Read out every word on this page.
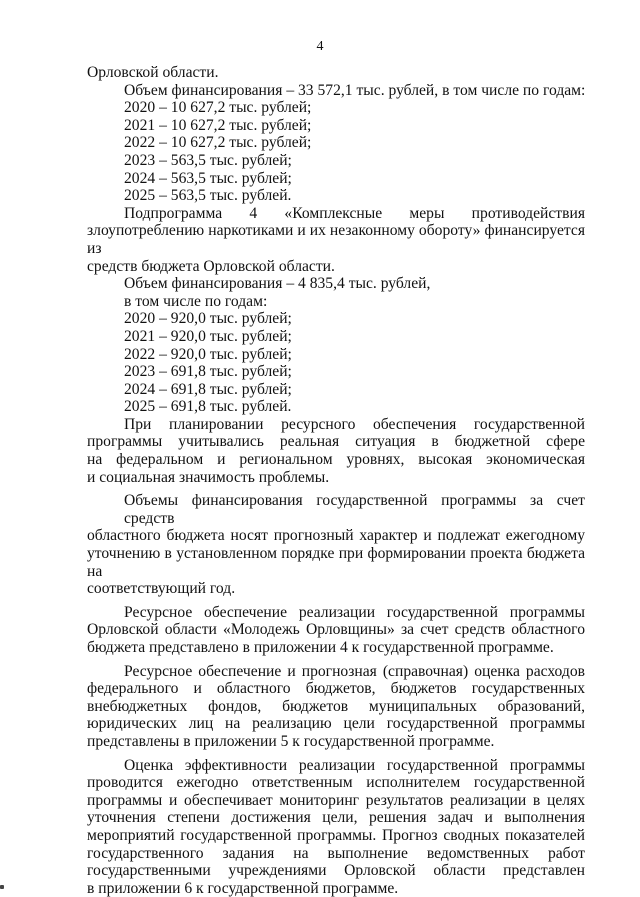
4
Орловской области.
Объем финансирования – 33 572,1 тыс. рублей, в том числе по годам:
2020 – 10 627,2 тыс. рублей;
2021 – 10 627,2 тыс. рублей;
2022 – 10 627,2 тыс. рублей;
2023 – 563,5 тыс. рублей;
2024 – 563,5 тыс. рублей;
2025 – 563,5 тыс. рублей.
Подпрограмма 4 «Комплексные меры противодействия
злоупотреблению наркотиками и их незаконному обороту» финансируется из
средств бюджета Орловской области.
Объем финансирования – 4 835,4 тыс. рублей,
в том числе по годам:
2020 – 920,0 тыс. рублей;
2021 – 920,0 тыс. рублей;
2022 – 920,0 тыс. рублей;
2023 – 691,8 тыс. рублей;
2024 – 691,8 тыс. рублей;
2025 – 691,8 тыс. рублей.
При планировании ресурсного обеспечения государственной
программы учитывались реальная ситуация в бюджетной сфере
на федеральном и региональном уровнях, высокая экономическая
и социальная значимость проблемы.
Объемы финансирования государственной программы за счет средств
областного бюджета носят прогнозный характер и подлежат ежегодному
уточнению в установленном порядке при формировании проекта бюджета на
соответствующий год.
Ресурсное обеспечение реализации государственной программы
Орловской области «Молодежь Орловщины» за счет средств областного
бюджета представлено в приложении 4 к государственной программе.
Ресурсное обеспечение и прогнозная (справочная) оценка расходов
федерального и областного бюджетов, бюджетов государственных
внебюджетных фондов, бюджетов муниципальных образований,
юридических лиц на реализацию цели государственной программы
представлены в приложении 5 к государственной программе.
Оценка эффективности реализации государственной программы
проводится ежегодно ответственным исполнителем государственной
программы и обеспечивает мониторинг результатов реализации в целях
уточнения степени достижения цели, решения задач и выполнения
мероприятий государственной программы. Прогноз сводных показателей
государственного задания на выполнение ведомственных работ
государственными учреждениями Орловской области представлен
в приложении 6 к государственной программе.
